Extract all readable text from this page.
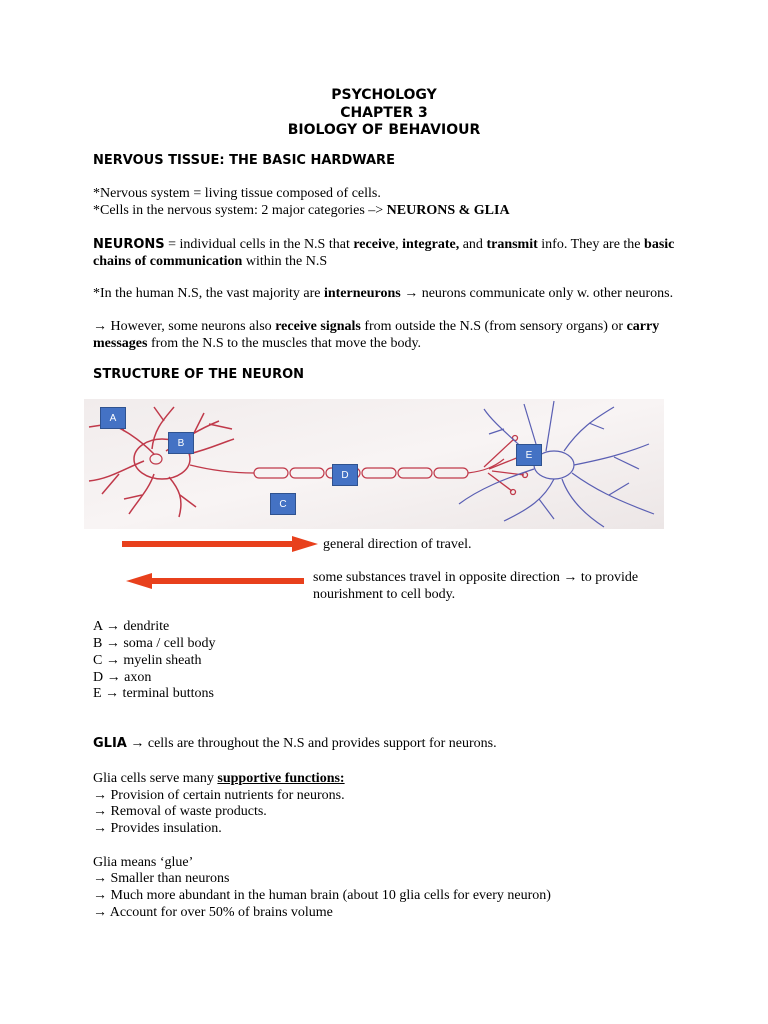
PSYCHOLOGY
CHAPTER 3
BIOLOGY OF BEHAVIOUR
NERVOUS TISSUE: THE BASIC HARDWARE
*Nervous system = living tissue composed of cells.
*Cells in the nervous system: 2 major categories –> NEURONS & GLIA
NEURONS = individual cells in the N.S that receive, integrate, and transmit info. They are the basic chains of communication within the N.S
*In the human N.S, the vast majority are interneurons → neurons communicate only w. other neurons.
→ However, some neurons also receive signals from outside the N.S (from sensory organs) or carry messages from the N.S to the muscles that move the body.
STRUCTURE OF THE NEURON
A
B
C
D
E
general direction of travel.
some substances travel in opposite direction → to provide nourishment to cell body.
A → dendrite
B → soma / cell body
C → myelin sheath
D → axon
E → terminal buttons
GLIA → cells are throughout the N.S and provides support for neurons.
Glia cells serve many supportive functions:
→ Provision of certain nutrients for neurons.
→ Removal of waste products.
→ Provides insulation.
Glia means ‘glue’
→ Smaller than neurons
→ Much more abundant in the human brain (about 10 glia cells for every neuron)
→ Account for over 50% of brains volume
